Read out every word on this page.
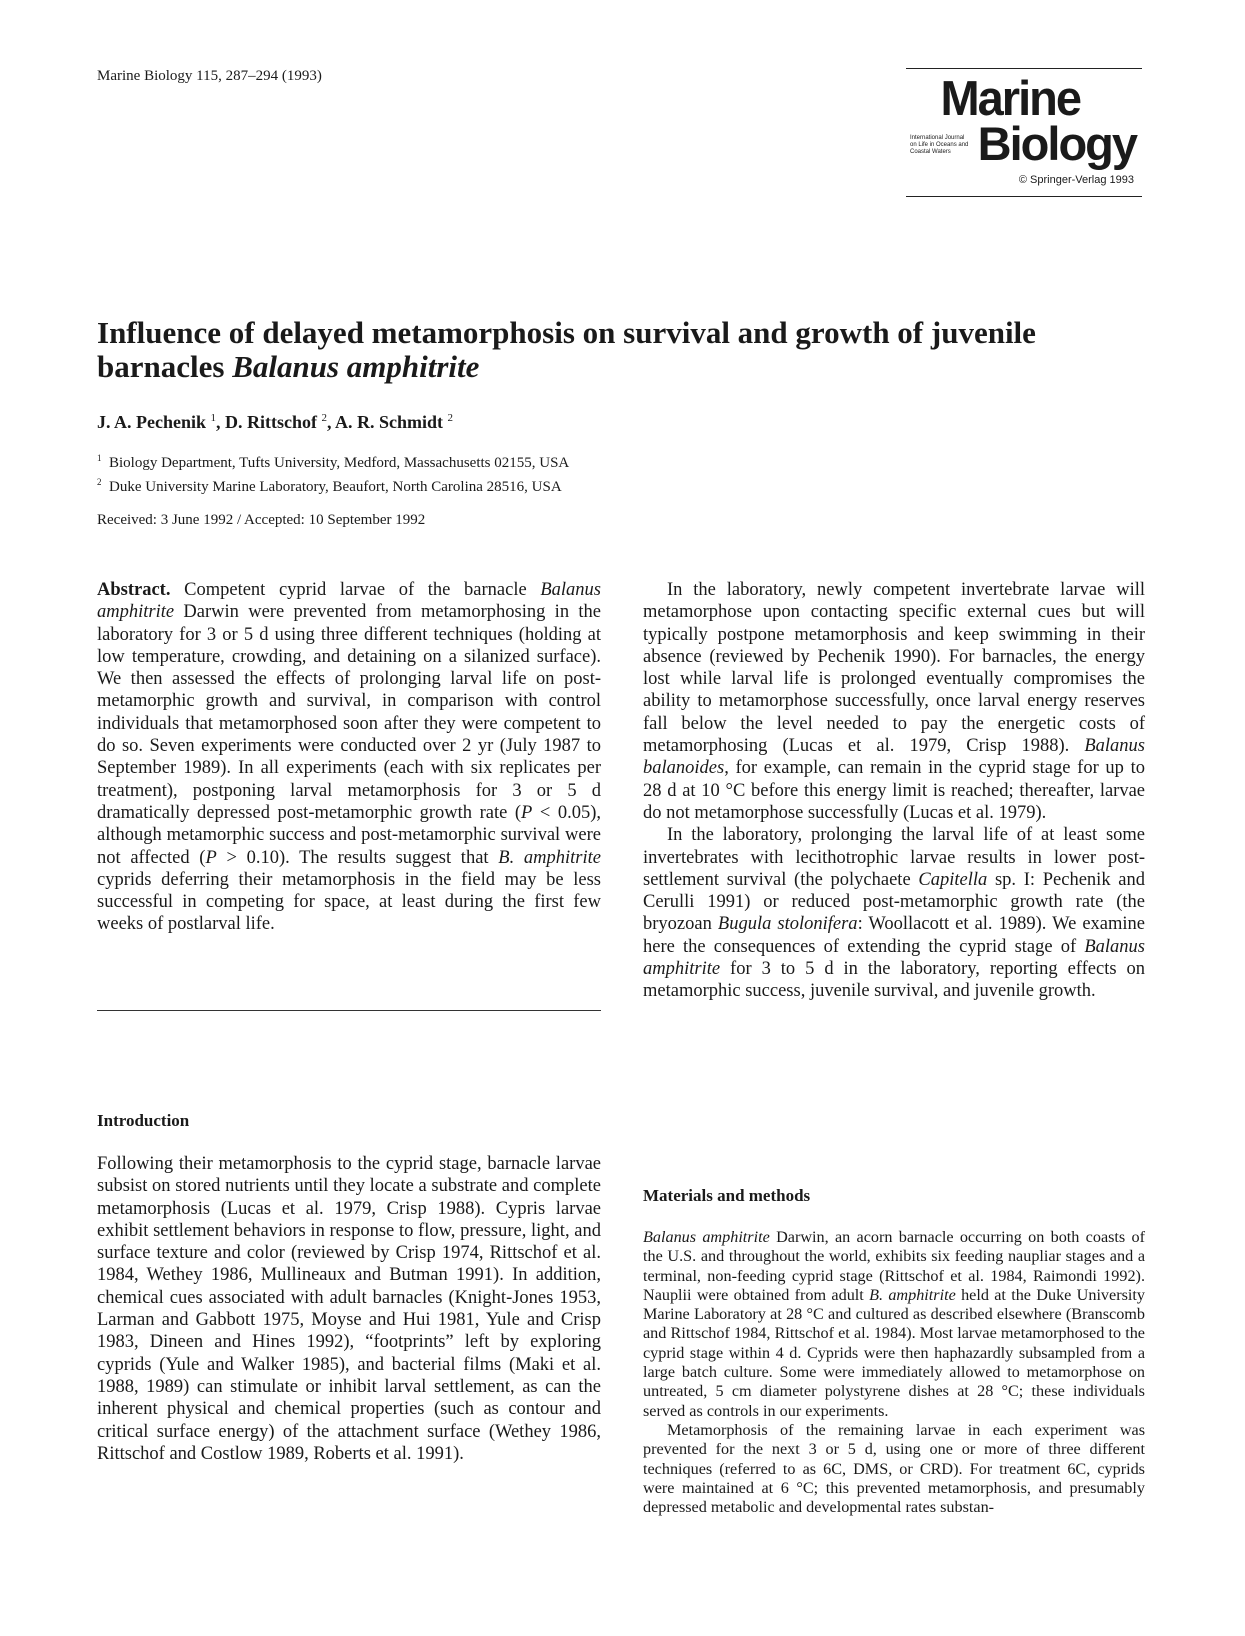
Marine Biology 115, 287–294 (1993)	Marine
International Journal on Life in Oceans and Coastal Waters Biology
© Springer-Verlag 1993
Influence of delayed metamorphosis on survival and growth of juvenile barnacles Balanus amphitrite
J. A. Pechenik $^1$, D. Rittschof $^2$, A. R. Schmidt $^2$
$^1$ Biology Department, Tufts University, Medford, Massachusetts 02155, USA
$^2$ Duke University Marine Laboratory, Beaufort, North Carolina 28516, USA
Received: 3 June 1992 / Accepted: 10 September 1992

Abstract. Competent cyprid larvae of the barnacle Balanus amphitrite Darwin were prevented from metamorphosing in the laboratory for 3 or 5 d using three different techniques (holding at low temperature, crowding, and detaining on a silanized surface). We then assessed the effects of prolonging larval life on post-metamorphic growth and survival, in comparison with control individuals that metamorphosed soon after they were competent to do so. Seven experiments were conducted over 2 yr (July 1987 to September 1989). In all experiments (each with six replicates per treatment), postponing larval metamorphosis for 3 or 5 d dramatically depressed post-metamorphic growth rate (P < 0.05), although metamorphic success and post-metamorphic survival were not affected (P > 0.10). The results suggest that B. amphitrite cyprids deferring their metamorphosis in the field may be less successful in competing for space, at least during the first few weeks of postlarval life.

Introduction

Following their metamorphosis to the cyprid stage, barnacle larvae subsist on stored nutrients until they locate a substrate and complete metamorphosis (Lucas et al. 1979, Crisp 1988). Cypris larvae exhibit settlement behaviors in response to flow, pressure, light, and surface texture and color (reviewed by Crisp 1974, Rittschof et al. 1984, Wethey 1986, Mullineaux and Butman 1991). In addition, chemical cues associated with adult barnacles (Knight-Jones 1953, Larman and Gabbott 1975, Moyse and Hui 1981, Yule and Crisp 1983, Dineen and Hines 1992), “footprints” left by exploring cyprids (Yule and Walker 1985), and bacterial films (Maki et al. 1988, 1989) can stimulate or inhibit larval settlement, as can the inherent physical and chemical properties (such as contour and critical surface energy) of the attachment surface (Wethey 1986, Rittschof and Costlow 1989, Roberts et al. 1991).

In the laboratory, newly competent invertebrate larvae will metamorphose upon contacting specific external cues but will typically postpone metamorphosis and keep swimming in their absence (reviewed by Pechenik 1990). For barnacles, the energy lost while larval life is prolonged eventually compromises the ability to metamorphose successfully, once larval energy reserves fall below the level needed to pay the energetic costs of metamorphosing (Lucas et al. 1979, Crisp 1988). Balanus balanoides, for example, can remain in the cyprid stage for up to 28 d at 10 °C before this energy limit is reached; thereafter, larvae do not metamorphose successfully (Lucas et al. 1979).

In the laboratory, prolonging the larval life of at least some invertebrates with lecithotrophic larvae results in lower post-settlement survival (the polychaete Capitella sp. I: Pechenik and Cerulli 1991) or reduced post-metamorphic growth rate (the bryozoan Bugula stolonifera: Woollacott et al. 1989). We examine here the consequences of extending the cyprid stage of Balanus amphitrite for 3 to 5 d in the laboratory, reporting effects on metamorphic success, juvenile survival, and juvenile growth.

Materials and methods

Balanus amphitrite Darwin, an acorn barnacle occurring on both coasts of the U.S. and throughout the world, exhibits six feeding naupliar stages and a terminal, non-feeding cyprid stage (Rittschof et al. 1984, Raimondi 1992). Nauplii were obtained from adult B. amphitrite held at the Duke University Marine Laboratory at 28 °C and cultured as described elsewhere (Branscomb and Rittschof 1984, Rittschof et al. 1984). Most larvae metamorphosed to the cyprid stage within 4 d. Cyprids were then haphazardly subsampled from a large batch culture. Some were immediately allowed to metamorphose on untreated, 5 cm diameter polystyrene dishes at 28 °C; these individuals served as controls in our experiments.

Metamorphosis of the remaining larvae in each experiment was prevented for the next 3 or 5 d, using one or more of three different techniques (referred to as 6C, DMS, or CRD). For treatment 6C, cyprids were maintained at 6 °C; this prevented metamorphosis, and presumably depressed metabolic and developmental rates substan-
